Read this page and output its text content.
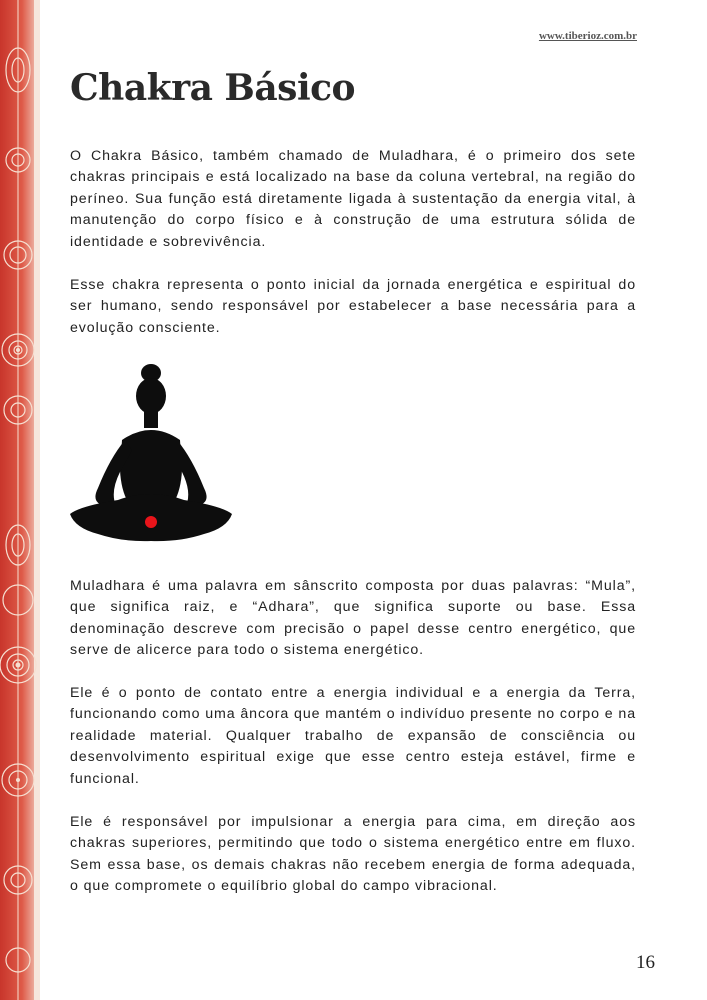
www.tiberioz.com.br
Chakra Básico

O Chakra Básico, também chamado de Muladhara, é o primeiro dos sete chakras principais e está localizado na base da coluna vertebral, na região do períneo. Sua função está diretamente ligada à sustentação da energia vital, à manutenção do corpo físico e à construção de uma estrutura sólida de identidade e sobrevivência.

Esse chakra representa o ponto inicial da jornada energética e espiritual do ser humano, sendo responsável por estabelecer a base necessária para a evolução consciente.

Muladhara é uma palavra em sânscrito composta por duas palavras: “Mula”, que significa raiz, e “Adhara”, que significa suporte ou base. Essa denominação descreve com precisão o papel desse centro energético, que serve de alicerce para todo o sistema energético.

Ele é o ponto de contato entre a energia individual e a energia da Terra, funcionando como uma âncora que mantém o indivíduo presente no corpo e na realidade material. Qualquer trabalho de expansão de consciência ou desenvolvimento espiritual exige que esse centro esteja estável, firme e funcional.

Ele é responsável por impulsionar a energia para cima, em direção aos chakras superiores, permitindo que todo o sistema energético entre em fluxo. Sem essa base, os demais chakras não recebem energia de forma adequada, o que compromete o equilíbrio global do campo vibracional.

16
